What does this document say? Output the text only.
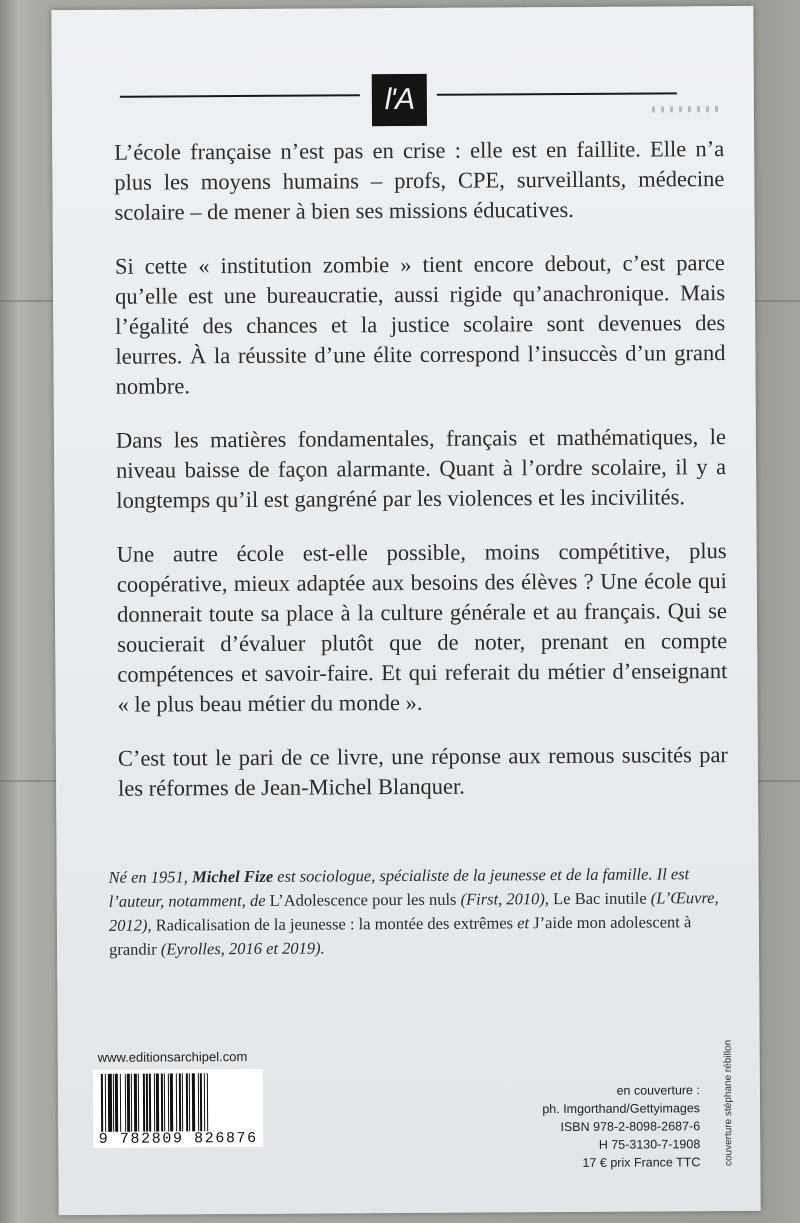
l'A

L’école française n’est pas en crise : elle est en faillite. Elle n’a plus les moyens humains – profs, CPE, surveillants, médecine scolaire – de mener à bien ses missions éducatives.

Si cette « institution zombie » tient encore debout, c’est parce qu’elle est une bureaucratie, aussi rigide qu’anachronique. Mais l’égalité des chances et la justice scolaire sont devenues des leurres. À la réussite d’une élite correspond l’insuccès d’un grand nombre.

Dans les matières fondamentales, français et mathématiques, le niveau baisse de façon alarmante. Quant à l’ordre scolaire, il y a longtemps qu’il est gangréné par les violences et les incivilités.

Une autre école est-elle possible, moins compétitive, plus coopérative, mieux adaptée aux besoins des élèves ? Une école qui donnerait toute sa place à la culture générale et au français. Qui se soucierait d’évaluer plutôt que de noter, prenant en compte compétences et savoir-faire. Et qui referait du métier d’enseignant « le plus beau métier du monde ».

C’est tout le pari de ce livre, une réponse aux remous suscités par les réformes de Jean-Michel Blanquer.

Né en 1951, Michel Fize est sociologue, spécialiste de la jeunesse et de la famille. Il est l’auteur, notamment, de L’Adolescence pour les nuls (First, 2010), Le Bac inutile (L’Œuvre, 2012), Radicalisation de la jeunesse : la montée des extrêmes et J’aide mon adolescent à grandir (Eyrolles, 2016 et 2019).

www.editionsarchipel.com
9 782809 826876
en couverture :
ph. Imgorthand/Gettyimages
ISBN 978-2-8098-2687-6
H 75-3130-7-1908
17 € prix France TTC couverture stéphane rébillon
